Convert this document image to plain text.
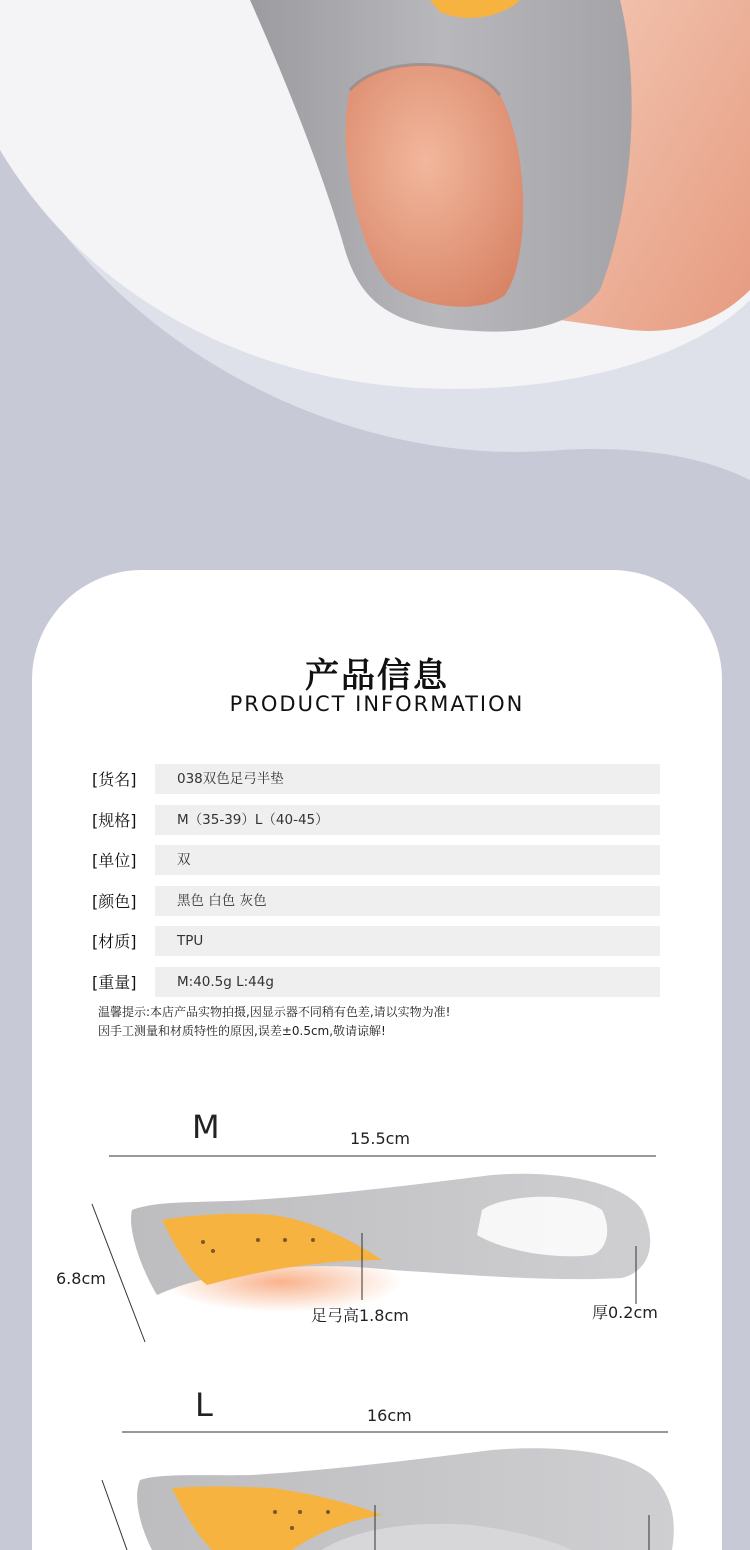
产品信息
PRODUCT INFORMATION
[货名]	038双色足弓半垫
[规格]	M（35-39）L（40-45）
[单位]	双
[颜色]	黑色 白色 灰色
[材质]	TPU
[重量]	M:40.5g L:44g
温馨提示:本店产品实物拍摄,因显示器不同稍有色差,请以实物为准!
因手工测量和材质特性的原因,误差±0.5cm,敬请谅解!
M	15.5cm
6.8cm
足弓高1.8cm	厚0.2cm
L	16cm
